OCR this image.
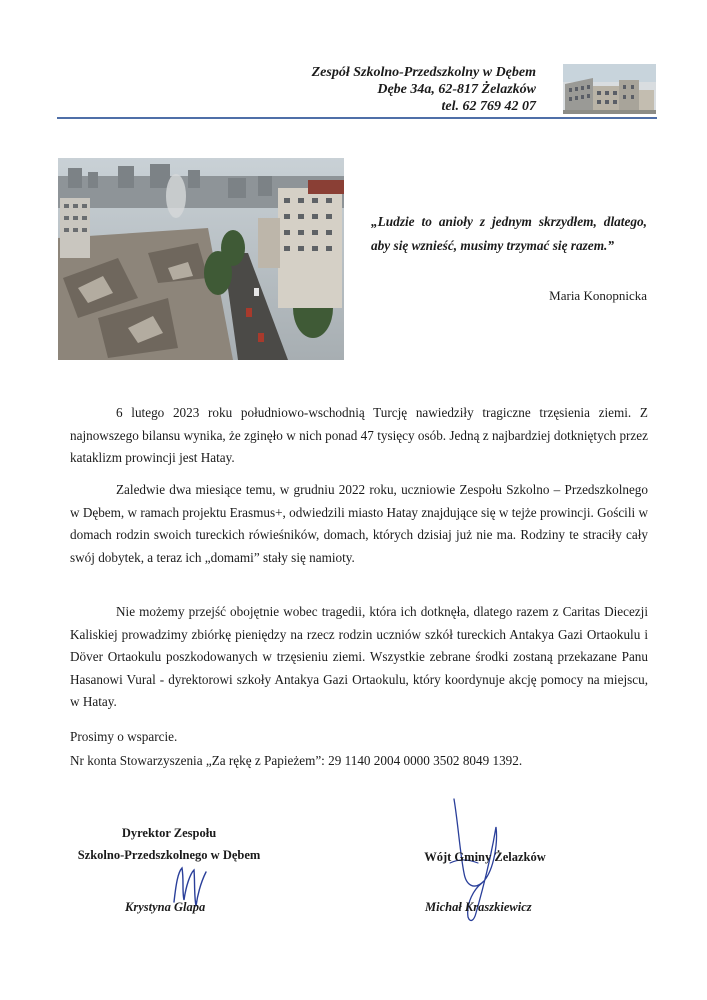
Zespół Szkolno-Przedszkolny w Dębem
Dębe 34a, 62-817 Żelazków
tel. 62 769 42 07
„Ludzie to anioły z jednym skrzydłem, dlatego, aby się wznieść, musimy trzymać się razem.”
Maria Konopnicka
6 lutego 2023 roku południowo-wschodnią Turcję nawiedziły tragiczne trzęsienia ziemi. Z najnowszego bilansu wynika, że zginęło w nich ponad 47 tysięcy osób. Jedną z najbardziej dotkniętych przez kataklizm prowincji jest Hatay.
Zaledwie dwa miesiące temu, w grudniu 2022 roku, uczniowie Zespołu Szkolno – Przedszkolnego w Dębem, w ramach projektu Erasmus+, odwiedzili miasto Hatay znajdujące się w tejże prowincji. Gościli w domach rodzin swoich tureckich rówieśników, domach, których dzisiaj już nie ma. Rodziny te straciły cały swój dobytek, a teraz ich „domami” stały się namioty.
Nie możemy przejść obojętnie wobec tragedii, która ich dotknęła, dlatego razem z Caritas Diecezji Kaliskiej prowadzimy zbiórkę pieniędzy na rzecz rodzin uczniów szkół tureckich Antakya Gazi Ortaokulu i Döver Ortaokulu poszkodowanych w trzęsieniu ziemi. Wszystkie zebrane środki zostaną przekazane Panu Hasanowi Vural - dyrektorowi szkoły Antakya Gazi Ortaokulu, który koordynuje akcję pomocy na miejscu, w Hatay.
Prosimy o wsparcie.
Nr konta Stowarzyszenia „Za rękę z Papieżem”: 29 1140 2004 0000 3502 8049 1392.
Dyrektor Zespołu
Szkolno-Przedszkolnego w Dębem
Krystyna Glapa
Wójt Gminy Żelazków
Michał Kraszkiewicz
